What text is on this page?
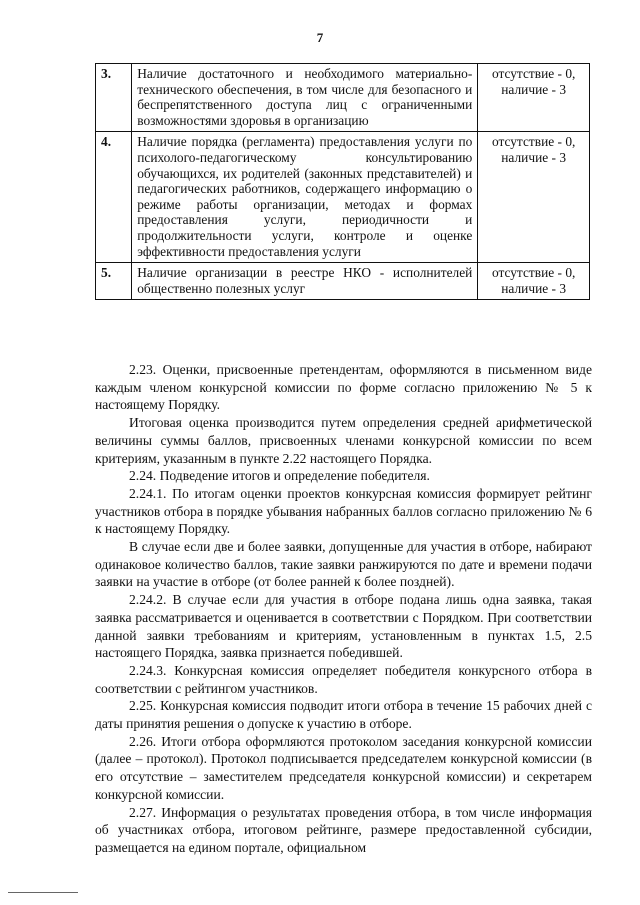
7
3.	Наличие достаточного и необходимого материально-технического обеспечения, в том числе для безопасного и беспрепятственного доступа лиц с ограниченными возможностями здоровья в организацию	отсутствие - 0, наличие - 3
4.	Наличие порядка (регламента) предоставления услуги по психолого-педагогическому консультированию обучающихся, их родителей (законных представителей) и педагогических работников, содержащего информацию о режиме работы организации, методах и формах предоставления услуги, периодичности и продолжительности услуги, контроле и оценке эффективности предоставления услуги	отсутствие - 0, наличие - 3
5.	Наличие организации в реестре НКО - исполнителей общественно полезных услуг	отсутствие - 0, наличие - 3

2.23. Оценки, присвоенные претендентам, оформляются в письменном виде каждым членом конкурсной комиссии по форме согласно приложению № 5 к настоящему Порядку.

Итоговая оценка производится путем определения средней арифметической величины суммы баллов, присвоенных членами конкурсной комиссии по всем критериям, указанным в пункте 2.22 настоящего Порядка.

2.24. Подведение итогов и определение победителя.

2.24.1. По итогам оценки проектов конкурсная комиссия формирует рейтинг участников отбора в порядке убывания набранных баллов согласно приложению № 6 к настоящему Порядку.

В случае если две и более заявки, допущенные для участия в отборе, набирают одинаковое количество баллов, такие заявки ранжируются по дате и времени подачи заявки на участие в отборе (от более ранней к более поздней).

2.24.2. В случае если для участия в отборе подана лишь одна заявка, такая заявка рассматривается и оценивается в соответствии с Порядком. При соответствии данной заявки требованиям и критериям, установленным в пунктах 1.5, 2.5 настоящего Порядка, заявка признается победившей.

2.24.3. Конкурсная комиссия определяет победителя конкурсного отбора в соответствии с рейтингом участников.

2.25. Конкурсная комиссия подводит итоги отбора в течение 15 рабочих дней с даты принятия решения о допуске к участию в отборе.

2.26. Итоги отбора оформляются протоколом заседания конкурсной комиссии (далее – протокол). Протокол подписывается председателем конкурсной комиссии (в его отсутствие – заместителем председателя конкурсной комиссии) и секретарем конкурсной комиссии.

2.27. Информация о результатах проведения отбора, в том числе информация об участниках отбора, итоговом рейтинге, размере предоставленной субсидии, размещается на едином портале, официальном
